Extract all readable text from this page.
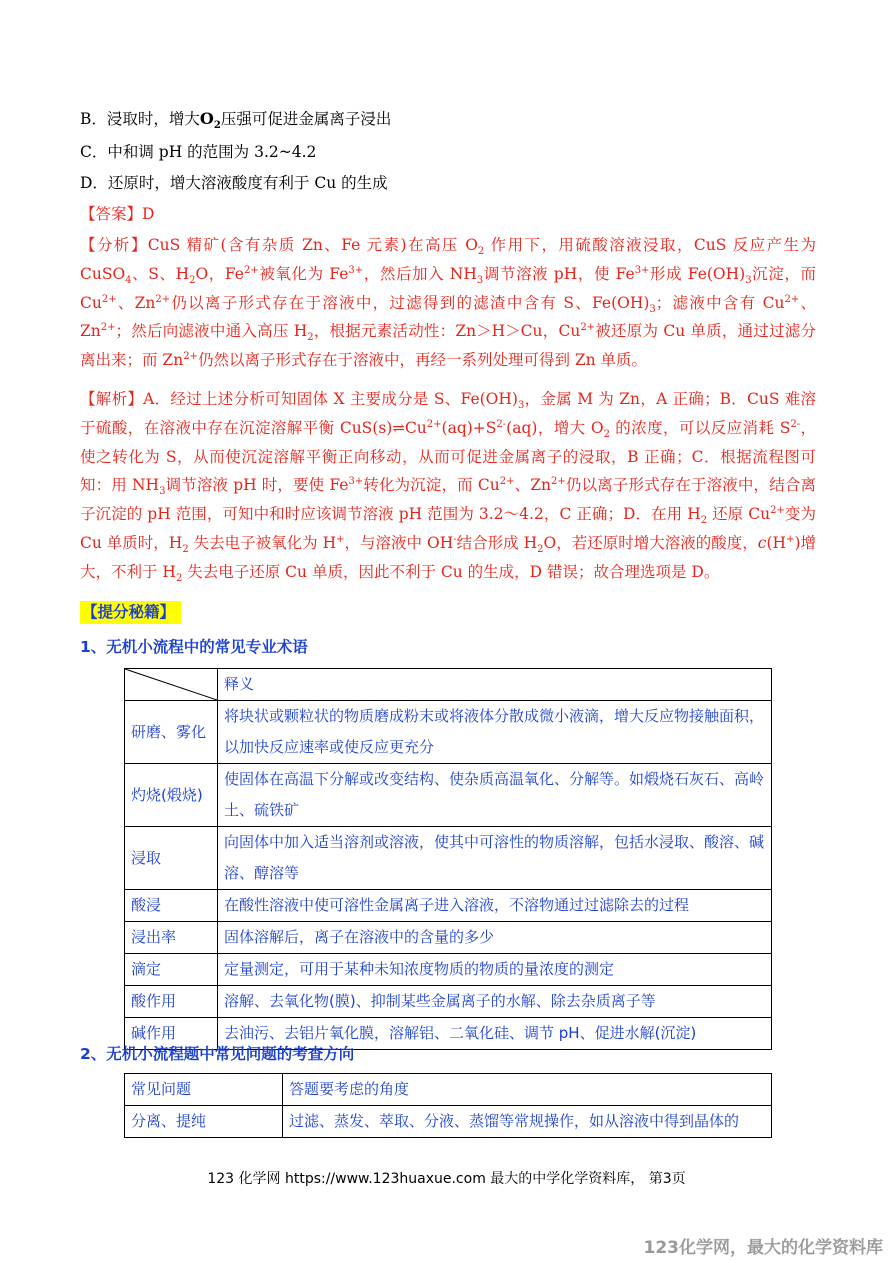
B．浸取时，增大$O_2$压强可促进金属离子浸出
C．中和调 pH 的范围为 3.2~4.2
D．还原时，增大溶液酸度有利于 Cu 的生成
【答案】D
【分析】CuS 精矿(含有杂质 Zn、Fe 元素)在高压 $O_2$ 作用下，用硫酸溶液浸取，CuS 反应产生为 CuSO$_4$、S、$H_2O$，$Fe^{2+}$被氧化为 $Fe^{3+}$，然后加入 $NH_3$调节溶液 pH，使 $Fe^{3+}$形成 $Fe(OH)_3$沉淀，而 $Cu^{2+}$、$Zn^{2+}$仍以离子形式存在于溶液中，过滤得到的滤渣中含有 S、$Fe(OH)_3$；滤液中含有 $Cu^{2+}$、$Zn^{2+}$；然后向滤液中通入高压 $H_2$，根据元素活动性：Zn＞H＞Cu，$Cu^{2+}$被还原为 Cu 单质，通过过滤分离出来；而 $Zn^{2+}$仍然以离子形式存在于溶液中，再经一系列处理可得到 Zn 单质。
【解析】A．经过上述分析可知固体 X 主要成分是 S、$Fe(OH)_3$，金属 M 为 Zn，A 正确；B．CuS 难溶于硫酸，在溶液中存在沉淀溶解平衡 $CuS(s)\rightleftharpoons Cu^{2+}(aq)+S^{2-}(aq)$，增大 $O_2$ 的浓度，可以反应消耗 $S^{2-}$，使之转化为 S，从而使沉淀溶解平衡正向移动，从而可促进金属离子的浸取，B 正确；C．根据流程图可知：用 $NH_3$调节溶液 pH 时，要使 $Fe^{3+}$转化为沉淀，而 $Cu^{2+}$、$Zn^{2+}$仍以离子形式存在于溶液中，结合离子沉淀的 pH 范围，可知中和时应该调节溶液 pH 范围为 3.2～4.2，C 正确；D．在用 $H_2$ 还原 $Cu^{2+}$变为 Cu 单质时，$H_2$ 失去电子被氧化为 H+，与溶液中 OH-结合形成 $H_2O$，若还原时增大溶液的酸度，c(H+)增大，不利于 $H_2$ 失去电子还原 Cu 单质，因此不利于 Cu 的生成，D 错误；故合理选项是 D。
【提分秘籍】
1、无机小流程中的常见专业术语
	释义
研磨、雾化	将块状或颗粒状的物质磨成粉末或将液体分散成微小液滴，增大反应物接触面积，以加快反应速率或使反应更充分
灼烧(煅烧)	使固体在高温下分解或改变结构、使杂质高温氧化、分解等。如煅烧石灰石、高岭土、硫铁矿
浸取	向固体中加入适当溶剂或溶液，使其中可溶性的物质溶解，包括水浸取、酸溶、碱溶、醇溶等
酸浸	在酸性溶液中使可溶性金属离子进入溶液，不溶物通过过滤除去的过程
浸出率	固体溶解后，离子在溶液中的含量的多少
滴定	定量测定，可用于某种未知浓度物质的物质的量浓度的测定
酸作用	溶解、去氧化物(膜)、抑制某些金属离子的水解、除去杂质离子等
碱作用	去油污、去铝片氧化膜，溶解铝、二氧化硅、调节 pH、促进水解(沉淀)
2、无机小流程题中常见问题的考查方向
常见问题	答题要考虑的角度
分离、提纯	过滤、蒸发、萃取、分液、蒸馏等常规操作，如从溶液中得到晶体的
123 化学网 https://www.123huaxue.com 最大的中学化学资料库， 第3页
123化学网，最大的化学资料库
